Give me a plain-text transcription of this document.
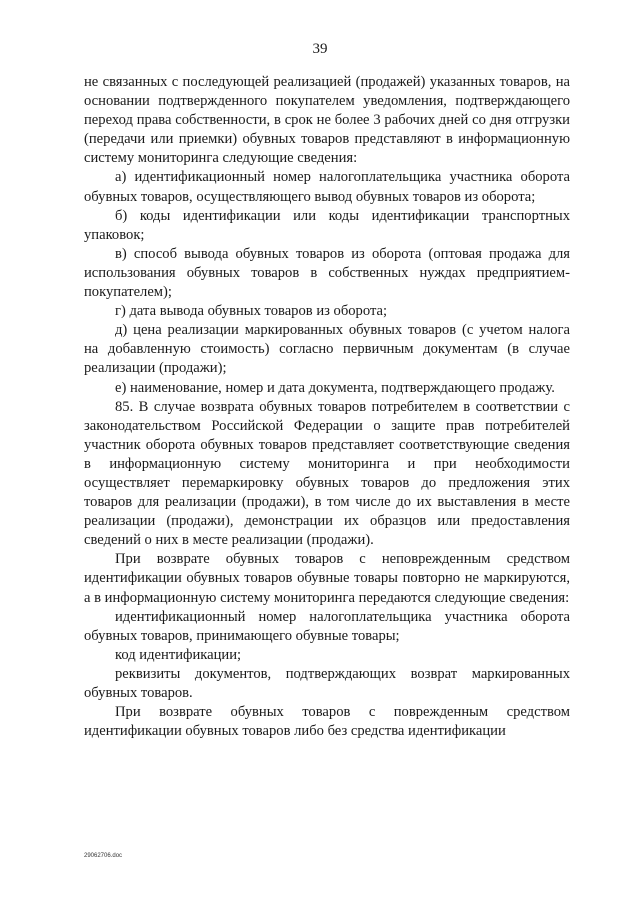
39

не связанных с последующей реализацией (продажей) указанных товаров, на основании подтвержденного покупателем уведомления, подтверждающего переход права собственности, в срок не более 3 рабочих дней со дня отгрузки (передачи или приемки) обувных товаров представляют в информационную систему мониторинга следующие сведения:

а) идентификационный номер налогоплательщика участника оборота обувных товаров, осуществляющего вывод обувных товаров из оборота;

б) коды идентификации или коды идентификации транспортных упаковок;

в) способ вывода обувных товаров из оборота (оптовая продажа для использования обувных товаров в собственных нуждах предприятием-покупателем);

г) дата вывода обувных товаров из оборота;

д) цена реализации маркированных обувных товаров (с учетом налога на добавленную стоимость) согласно первичным документам (в случае реализации (продажи);

е) наименование, номер и дата документа, подтверждающего продажу.

85. В случае возврата обувных товаров потребителем в соответствии с законодательством Российской Федерации о защите прав потребителей участник оборота обувных товаров представляет соответствующие сведения в информационную систему мониторинга и при необходимости осуществляет перемаркировку обувных товаров до предложения этих товаров для реализации (продажи), в том числе до их выставления в месте реализации (продажи), демонстрации их образцов или предоставления сведений о них в месте реализации (продажи).

При возврате обувных товаров с неповрежденным средством идентификации обувных товаров обувные товары повторно не маркируются, а в информационную систему мониторинга передаются следующие сведения:

идентификационный номер налогоплательщика участника оборота обувных товаров, принимающего обувные товары;

код идентификации;

реквизиты документов, подтверждающих возврат маркированных обувных товаров.

При возврате обувных товаров с поврежденным средством идентификации обувных товаров либо без средства идентификации

29062706.doc
